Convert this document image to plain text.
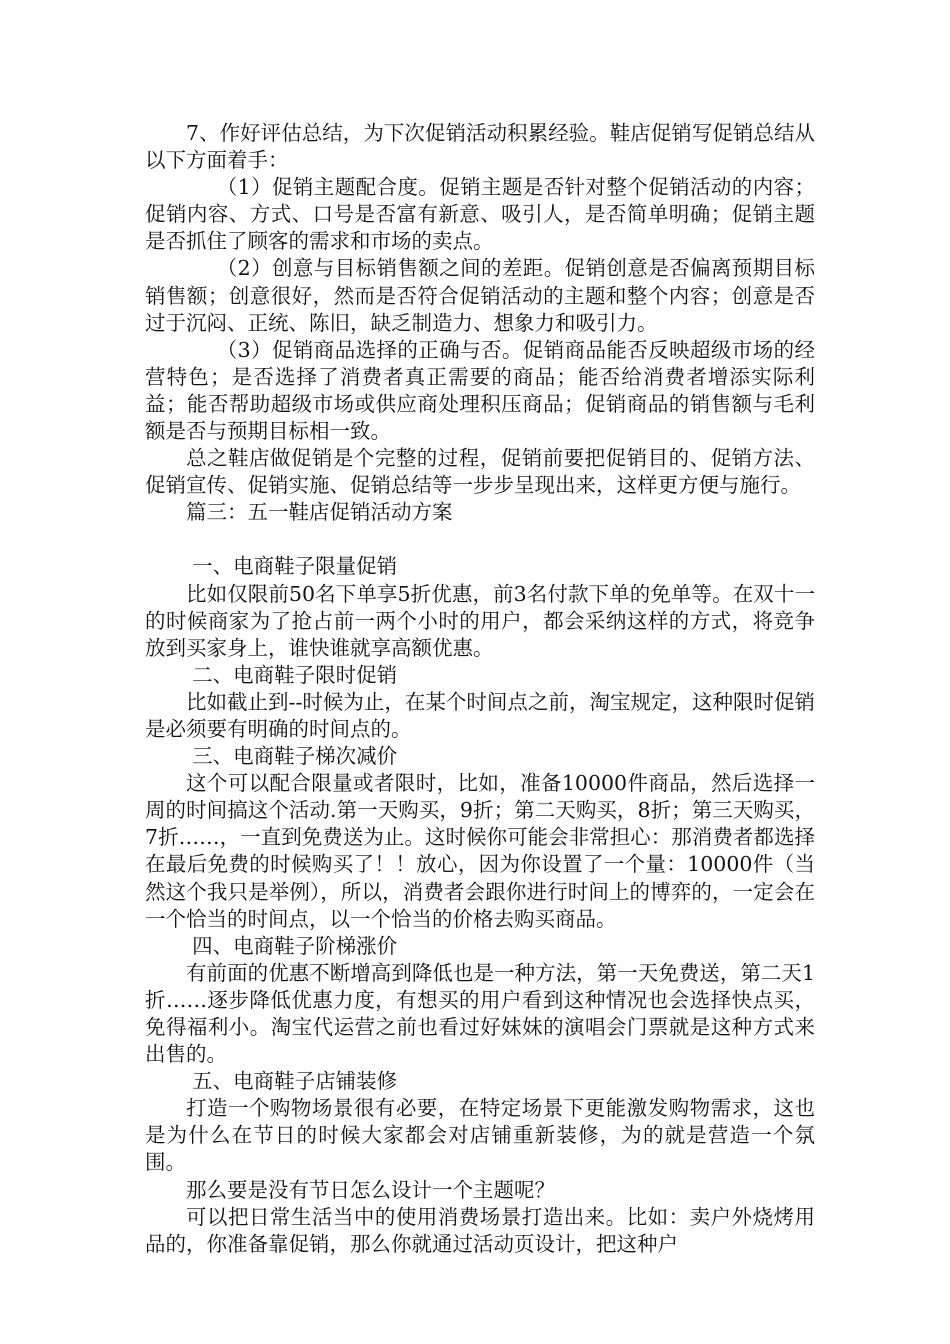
7、作好评估总结，为下次促销活动积累经验。鞋店促销写促销总结从以下方面着手：

（1）促销主题配合度。促销主题是否针对整个促销活动的内容；促销内容、方式、口号是否富有新意、吸引人，是否简单明确；促销主题是否抓住了顾客的需求和市场的卖点。

（2）创意与目标销售额之间的差距。促销创意是否偏离预期目标销售额；创意很好，然而是否符合促销活动的主题和整个内容；创意是否过于沉闷、正统、陈旧，缺乏制造力、想象力和吸引力。

（3）促销商品选择的正确与否。促销商品能否反映超级市场的经营特色；是否选择了消费者真正需要的商品；能否给消费者增添实际利益；能否帮助超级市场或供应商处理积压商品；促销商品的销售额与毛利额是否与预期目标相一致。

总之鞋店做促销是个完整的过程，促销前要把促销目的、促销方法、促销宣传、促销实施、促销总结等一步步呈现出来，这样更方便与施行。

篇三：五一鞋店促销活动方案

一、电商鞋子限量促销

比如仅限前50名下单享5折优惠，前3名付款下单的免单等。在双十一的时候商家为了抢占前一两个小时的用户，都会采纳这样的方式，将竞争放到买家身上，谁快谁就享高额优惠。

二、电商鞋子限时促销

比如截止到--时候为止，在某个时间点之前，淘宝规定，这种限时促销是必须要有明确的时间点的。

三、电商鞋子梯次减价

这个可以配合限量或者限时，比如，准备10000件商品，然后选择一周的时间搞这个活动.第一天购买，9折；第二天购买，8折；第三天购买，7折……，一直到免费送为止。这时候你可能会非常担心：那消费者都选择在最后免费的时候购买了！！放心，因为你设置了一个量：10000件（当然这个我只是举例），所以，消费者会跟你进行时间上的博弈的，一定会在一个恰当的时间点，以一个恰当的价格去购买商品。

四、电商鞋子阶梯涨价

有前面的优惠不断增高到降低也是一种方法，第一天免费送，第二天1折……逐步降低优惠力度，有想买的用户看到这种情况也会选择快点买，免得福利小。淘宝代运营之前也看过好妹妹的演唱会门票就是这种方式来出售的。

五、电商鞋子店铺装修

打造一个购物场景很有必要，在特定场景下更能激发购物需求，这也是为什么在节日的时候大家都会对店铺重新装修，为的就是营造一个氛围。

那么要是没有节日怎么设计一个主题呢？

可以把日常生活当中的使用消费场景打造出来。比如：卖户外烧烤用品的，你准备靠促销，那么你就通过活动页设计，把这种户
